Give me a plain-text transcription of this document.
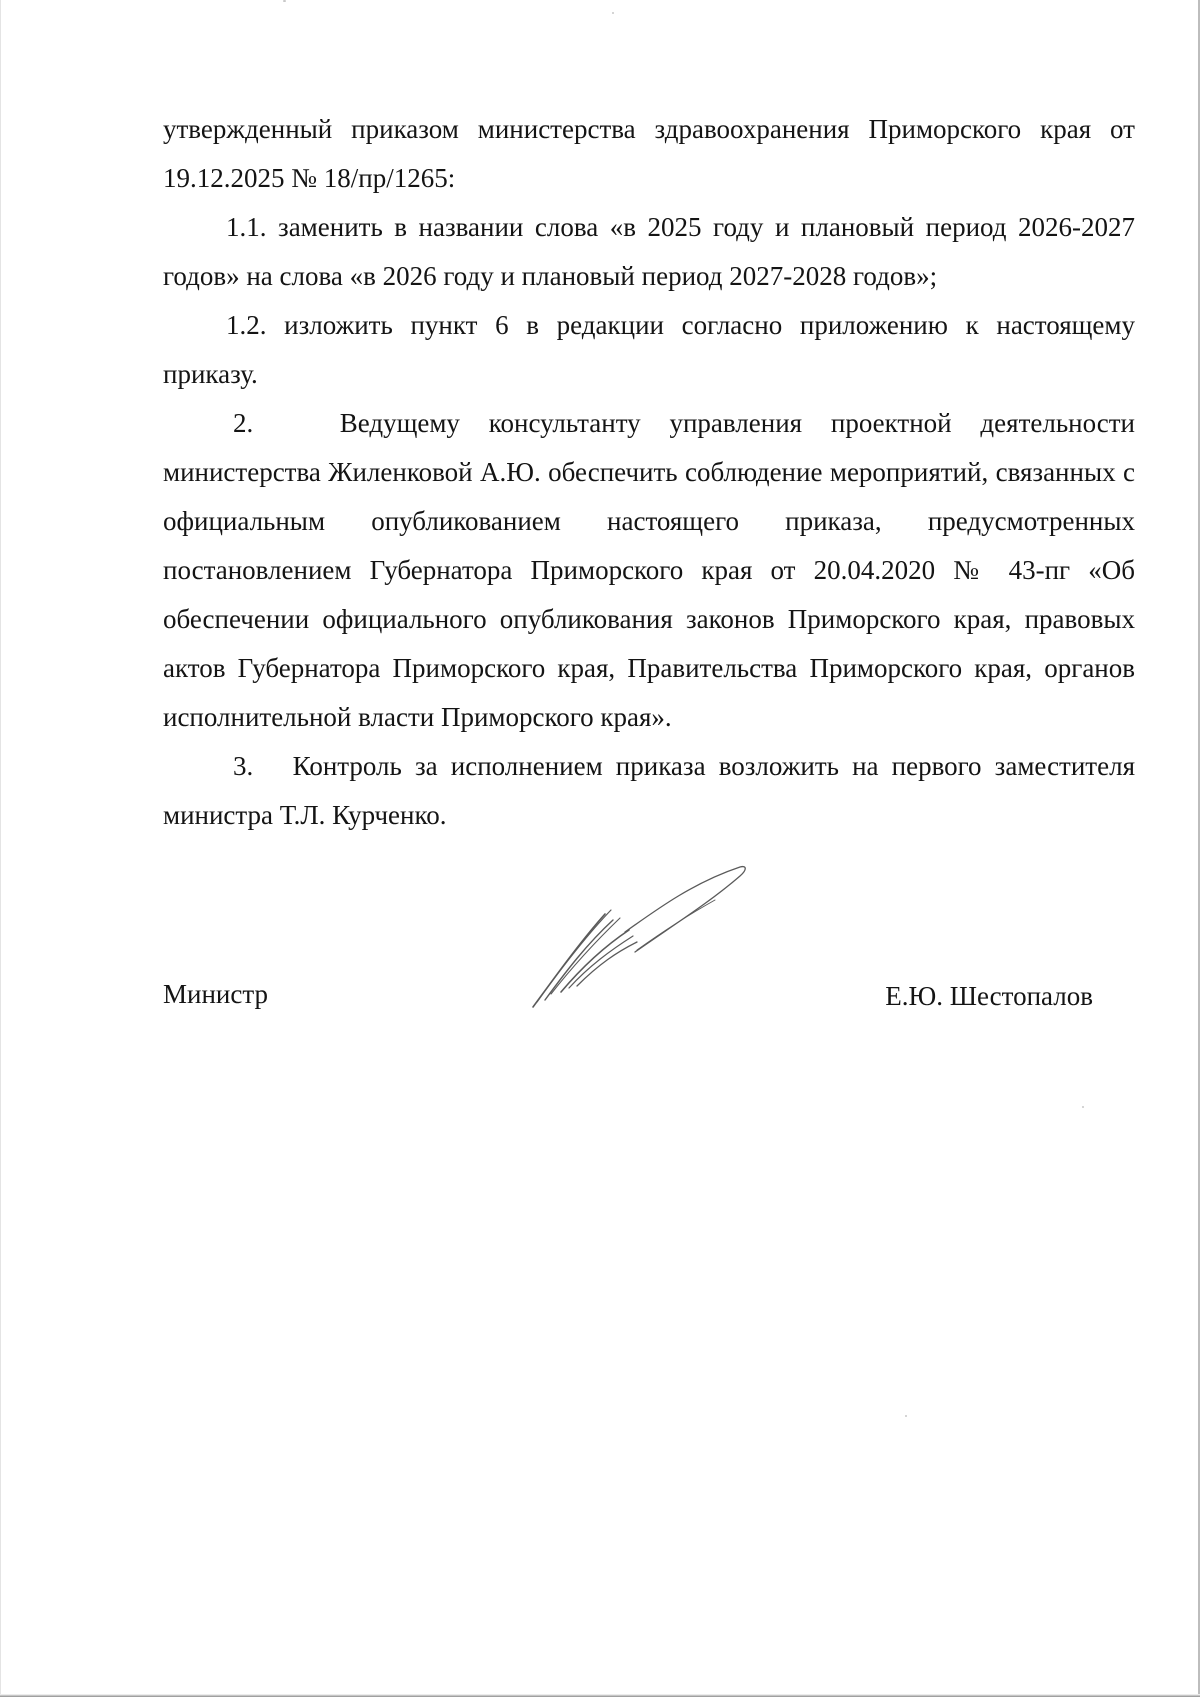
утвержденный приказом министерства здравоохранения Приморского края от 19.12.2025 № 18/пр/1265:

1.1. заменить в названии слова «в 2025 году и плановый период 2026-2027 годов» на слова «в 2026 году и плановый период 2027-2028 годов»;

1.2. изложить пункт 6 в редакции согласно приложению к настоящему приказу.

2.   Ведущему консультанту управления проектной деятельности министерства Жиленковой А.Ю. обеспечить соблюдение мероприятий, связанных с официальным опубликованием настоящего приказа, предусмотренных постановлением Губернатора Приморского края от 20.04.2020 № 43-пг «Об обеспечении официального опубликования законов Приморского края, правовых актов Губернатора Приморского края, Правительства Приморского края, органов исполнительной власти Приморского края».

3.   Контроль за исполнением приказа возложить на первого заместителя министра Т.Л. Курченко.

Министр	Е.Ю. Шестопалов
